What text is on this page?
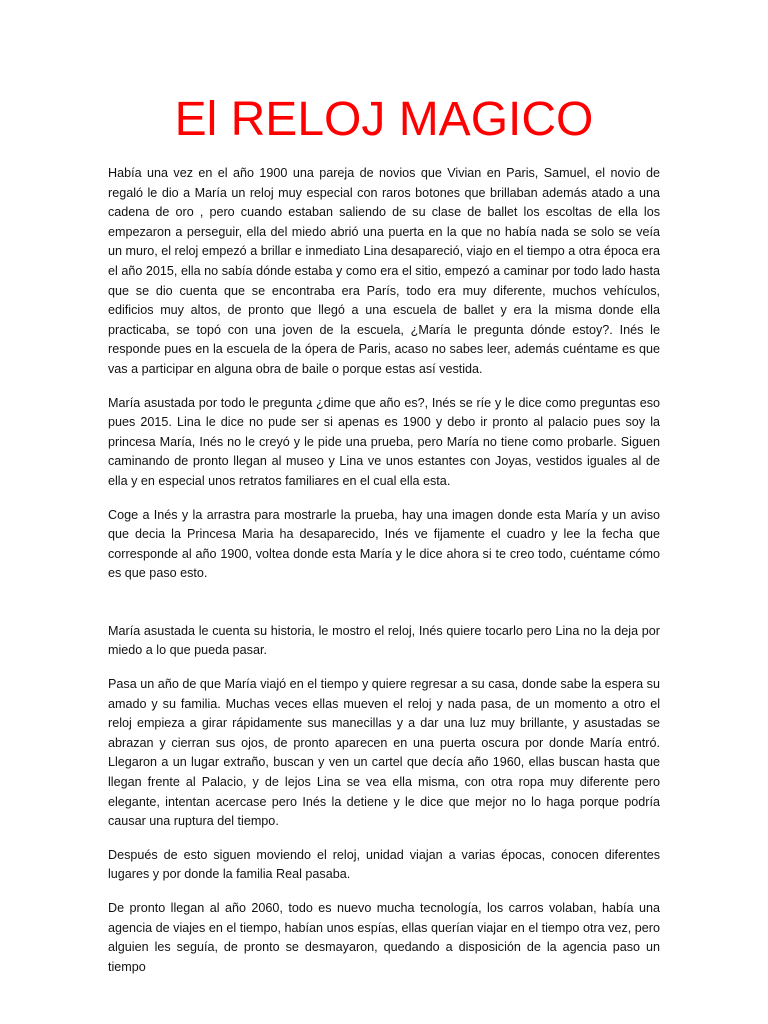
El RELOJ MAGICO

Había una vez en el año 1900 una pareja de novios que Vivian en Paris, Samuel, el novio de regaló le dio a María un reloj muy especial con raros botones que brillaban además atado a una cadena de oro , pero cuando estaban saliendo de su clase de ballet los escoltas de ella los empezaron a perseguir, ella del miedo abrió una puerta en la que no había nada se solo se veía un muro, el reloj empezó a brillar e inmediato Lina desapareció, viajo en el tiempo a otra época era el año 2015, ella no sabía dónde estaba y como era el sitio, empezó a caminar por todo lado hasta que se dio cuenta que se encontraba era París, todo era muy diferente, muchos vehículos, edificios muy altos, de pronto que llegó a una escuela de ballet y era la misma donde ella practicaba, se topó con una joven de la escuela, ¿María le pregunta dónde estoy?. Inés le responde pues en la escuela de la ópera de Paris, acaso no sabes leer, además cuéntame es que vas a participar en alguna obra de baile o porque estas así vestida.

María asustada por todo le pregunta ¿dime que año es?, Inés se ríe y le dice como preguntas eso pues 2015. Lina le dice no pude ser si apenas es 1900 y debo ir pronto al palacio pues soy la princesa María, Inés no le creyó y le pide una prueba, pero María no tiene como probarle. Siguen caminando de pronto llegan al museo y Lina ve unos estantes con Joyas, vestidos iguales al de ella y en especial unos retratos familiares en el cual ella esta.

Coge a Inés y la arrastra para mostrarle la prueba, hay una imagen donde esta María y un aviso que decia la Princesa Maria ha desaparecido, Inés ve fijamente el cuadro y lee la fecha que corresponde al año 1900, voltea donde esta María y le dice ahora si te creo todo, cuéntame cómo es que paso esto.

María asustada le cuenta su historia, le mostro el reloj, Inés quiere tocarlo pero Lina no la deja por miedo a lo que pueda pasar.

Pasa un año de que María viajó en el tiempo y quiere regresar a su casa, donde sabe la espera su amado y su familia. Muchas veces ellas mueven el reloj y nada pasa, de un momento a otro el reloj empieza a girar rápidamente sus manecillas y a dar una luz muy brillante, y asustadas se abrazan y cierran sus ojos, de pronto aparecen en una puerta oscura por donde María entró. Llegaron a un lugar extraño, buscan y ven un cartel que decía año 1960, ellas buscan hasta que llegan frente al Palacio, y de lejos Lina se vea ella misma, con otra ropa muy diferente pero elegante, intentan acercase pero Inés la detiene y le dice que mejor no lo haga porque podría causar una ruptura del tiempo.

Después de esto siguen moviendo el reloj, unidad viajan a varias épocas, conocen diferentes lugares y por donde la familia Real pasaba.

De pronto llegan al año 2060, todo es nuevo mucha tecnología, los carros volaban, había una agencia de viajes en el tiempo, habían unos espías, ellas querían viajar en el tiempo otra vez, pero alguien les seguía, de pronto se desmayaron, quedando a disposición de la agencia paso un tiempo
